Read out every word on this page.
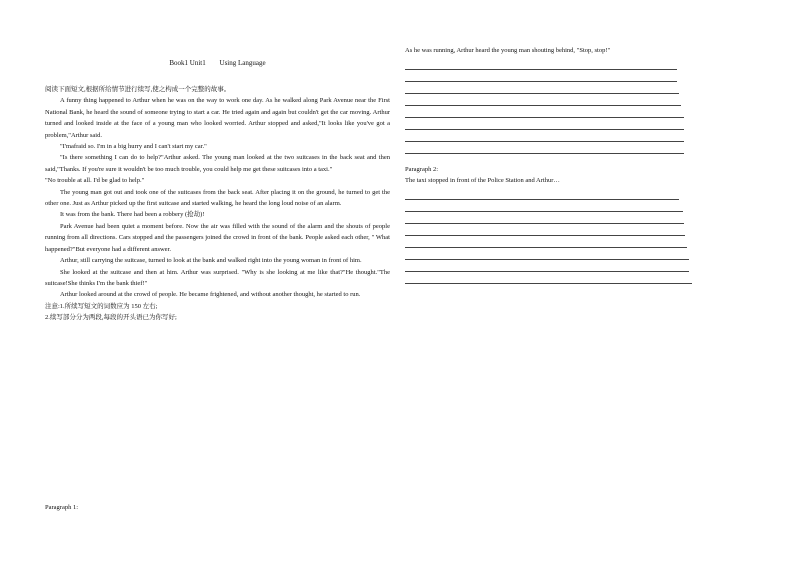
Book1 Unit1 Using Language

阅读下面短文,根据所给情节进行续写,使之构成一个完整的故事。

A funny thing happened to Arthur when he was on the way to work one day. As he walked along Park Avenue near the First National Bank, he heard the sound of someone trying to start a car. He tried again and again but couldn't get the car moving. Arthur turned and looked inside at the face of a young man who looked worried. Arthur stopped and asked,"It looks like you've got a problem,"Arthur said.

"I'mafraid so. I'm in a big hurry and I can't start my car."

"Is there something I can do to help?"Arthur asked. The young man looked at the two suitcases in the back seat and then said,"Thanks. If you're sure it wouldn't be too much trouble, you could help me get these suitcases into a taxi."

"No trouble at all. I'd be glad to help."

The young man got out and took one of the suitcases from the back seat. After placing it on the ground, he turned to get the other one. Just as Arthur picked up the first suitcase and started walking, he heard the long loud noise of an alarm.

It was from the bank. There had been a robbery (抢劫)!

Park Avenue had been quiet a moment before. Now the air was filled with the sound of the alarm and the shouts of people running from all directions. Cars stopped and the passengers joined the crowd in front of the bank. People asked each other, " What happened?"But everyone had a different answer.

Arthur, still carrying the suitcase, turned to look at the bank and walked right into the young woman in front of him.

She looked at the suitcase and then at him. Arthur was surprised. "Why is she looking at me like that?"He thought."The suitcase!She thinks I'm the bank thief!"

Arthur looked around at the crowd of people. He became frightened, and without another thought, he started to run.

注意:1.所续写短文的词数应为 150 左右;

2.续写部分分为两段,每段的开头语已为你写好;

Paragraph 1:

As he was running, Arthur heard the young man shouting behind, "Stop, stop!"

Paragraph 2:

The taxi stopped in front of the Police Station and Arthur…
